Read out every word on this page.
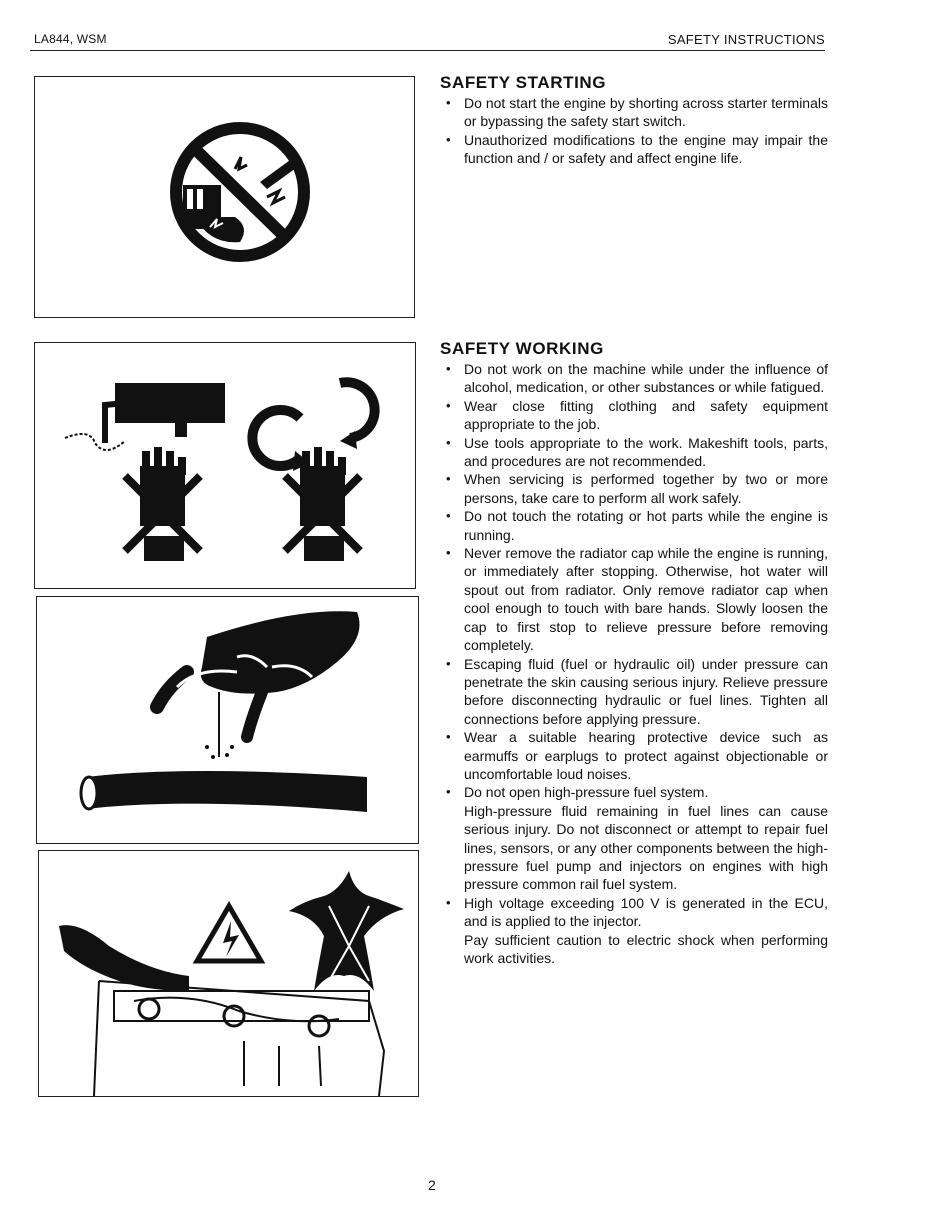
LA844, WSM	SAFETY INSTRUCTIONS
SAFETY STARTING
• Do not start the engine by shorting across starter terminals or bypassing the safety start switch.
• Unauthorized modifications to the engine may impair the function and / or safety and affect engine life.
SAFETY WORKING
• Do not work on the machine while under the influence of alcohol, medication, or other substances or while fatigued.
• Wear close fitting clothing and safety equipment appropriate to the job.
• Use tools appropriate to the work. Makeshift tools, parts, and procedures are not recommended.
• When servicing is performed together by two or more persons, take care to perform all work safely.
• Do not touch the rotating or hot parts while the engine is running.
• Never remove the radiator cap while the engine is running, or immediately after stopping. Otherwise, hot water will spout out from radiator. Only remove radiator cap when cool enough to touch with bare hands. Slowly loosen the cap to first stop to relieve pressure before removing completely.
• Escaping fluid (fuel or hydraulic oil) under pressure can penetrate the skin causing serious injury. Relieve pressure before disconnecting hydraulic or fuel lines. Tighten all connections before applying pressure.
• Wear a suitable hearing protective device such as earmuffs or earplugs to protect against objectionable or uncomfortable loud noises.
• Do not open high-pressure fuel system.
High-pressure fluid remaining in fuel lines can cause serious injury. Do not disconnect or attempt to repair fuel lines, sensors, or any other components between the high-pressure fuel pump and injectors on engines with high pressure common rail fuel system.
• High voltage exceeding 100 V is generated in the ECU, and is applied to the injector.
Pay sufficient caution to electric shock when performing work activities.
2
